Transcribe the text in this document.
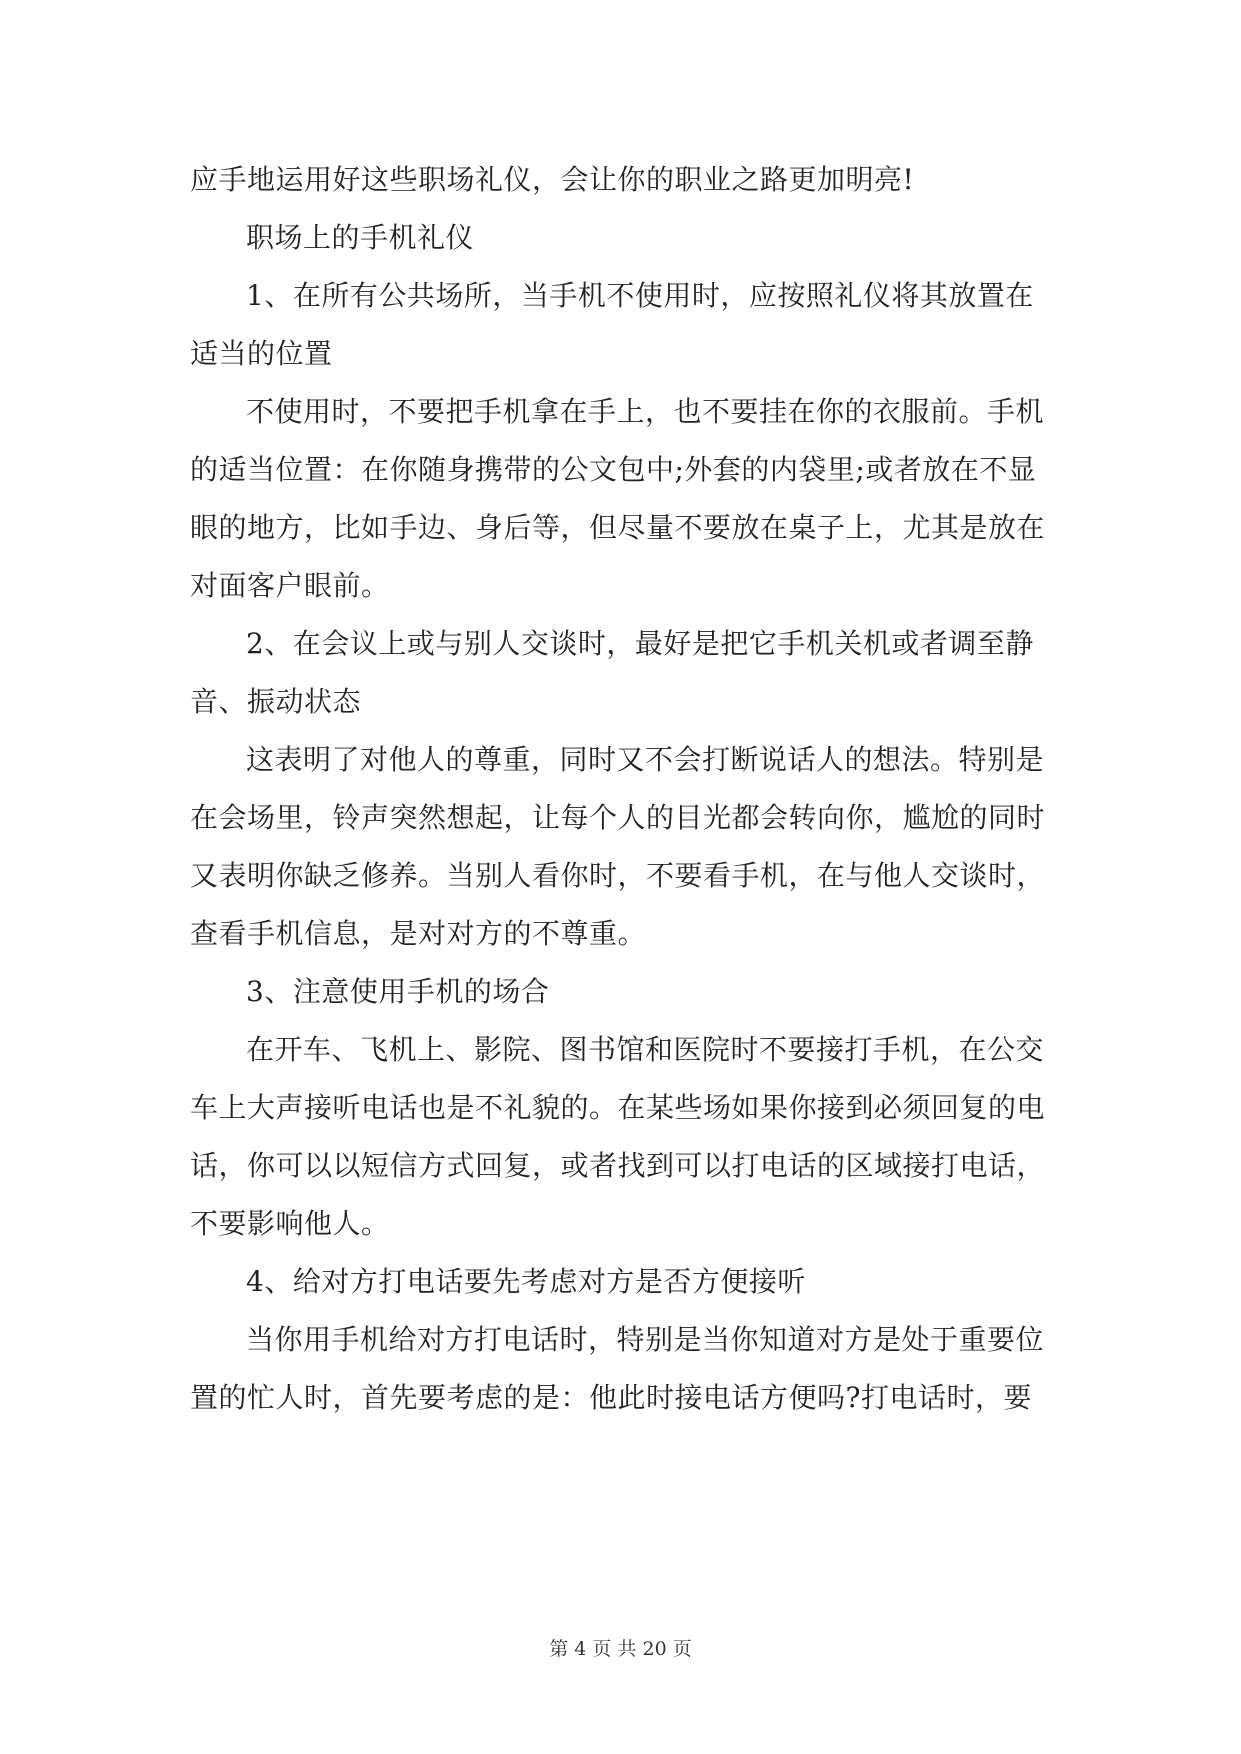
应手地运用好这些职场礼仪，会让你的职业之路更加明亮!
职场上的手机礼仪
1、在所有公共场所，当手机不使用时，应按照礼仪将其放置在
适当的位置
不使用时，不要把手机拿在手上，也不要挂在你的衣服前。手机
的适当位置：在你随身携带的公文包中;外套的内袋里;或者放在不显
眼的地方，比如手边、身后等，但尽量不要放在桌子上，尤其是放在
对面客户眼前。
2、在会议上或与别人交谈时，最好是把它手机关机或者调至静
音、振动状态
这表明了对他人的尊重，同时又不会打断说话人的想法。特别是
在会场里，铃声突然想起，让每个人的目光都会转向你，尴尬的同时
又表明你缺乏修养。当别人看你时，不要看手机，在与他人交谈时，
查看手机信息，是对对方的不尊重。
3、注意使用手机的场合
在开车、飞机上、影院、图书馆和医院时不要接打手机，在公交
车上大声接听电话也是不礼貌的。在某些场如果你接到必须回复的电
话，你可以以短信方式回复，或者找到可以打电话的区域接打电话，
不要影响他人。
4、给对方打电话要先考虑对方是否方便接听
当你用手机给对方打电话时，特别是当你知道对方是处于重要位
置的忙人时，首先要考虑的是：他此时接电话方便吗?打电话时，要
第 4 页 共 20 页
